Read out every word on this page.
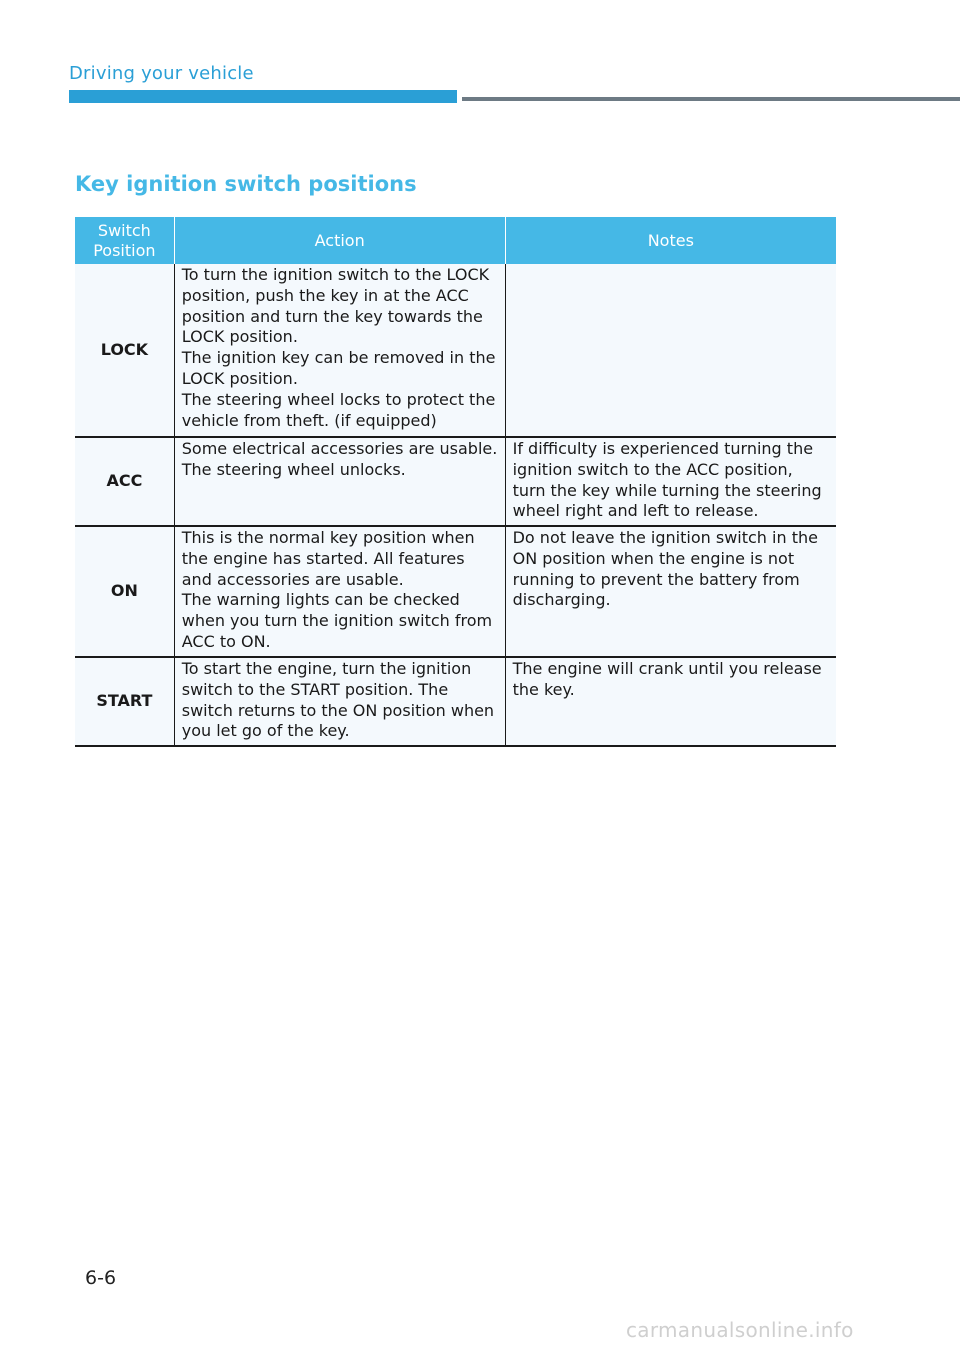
Driving your vehicle
Key ignition switch positions
Switch Position	Action	Notes
LOCK	To turn the ignition switch to the LOCK position, push the key in at the ACC position and turn the key towards the LOCK position.
The ignition key can be removed in the LOCK position.
The steering wheel locks to protect the vehicle from theft. (if equipped)	

ACC	Some electrical accessories are usable. The steering wheel unlocks.	If difficulty is experienced turning the ignition switch to the ACC position, turn the key while turning the steering wheel right and left to release.

ON	This is the normal key position when the engine has started. All features and accessories are usable.
The warning lights can be checked when you turn the ignition switch from ACC to ON.	Do not leave the ignition switch in the ON position when the engine is not running to prevent the battery from discharging.

START	To start the engine, turn the ignition switch to the START position. The switch returns to the ON position when you let go of the key.	The engine will crank until you release the key.
6-6
carmanualsonline.info
